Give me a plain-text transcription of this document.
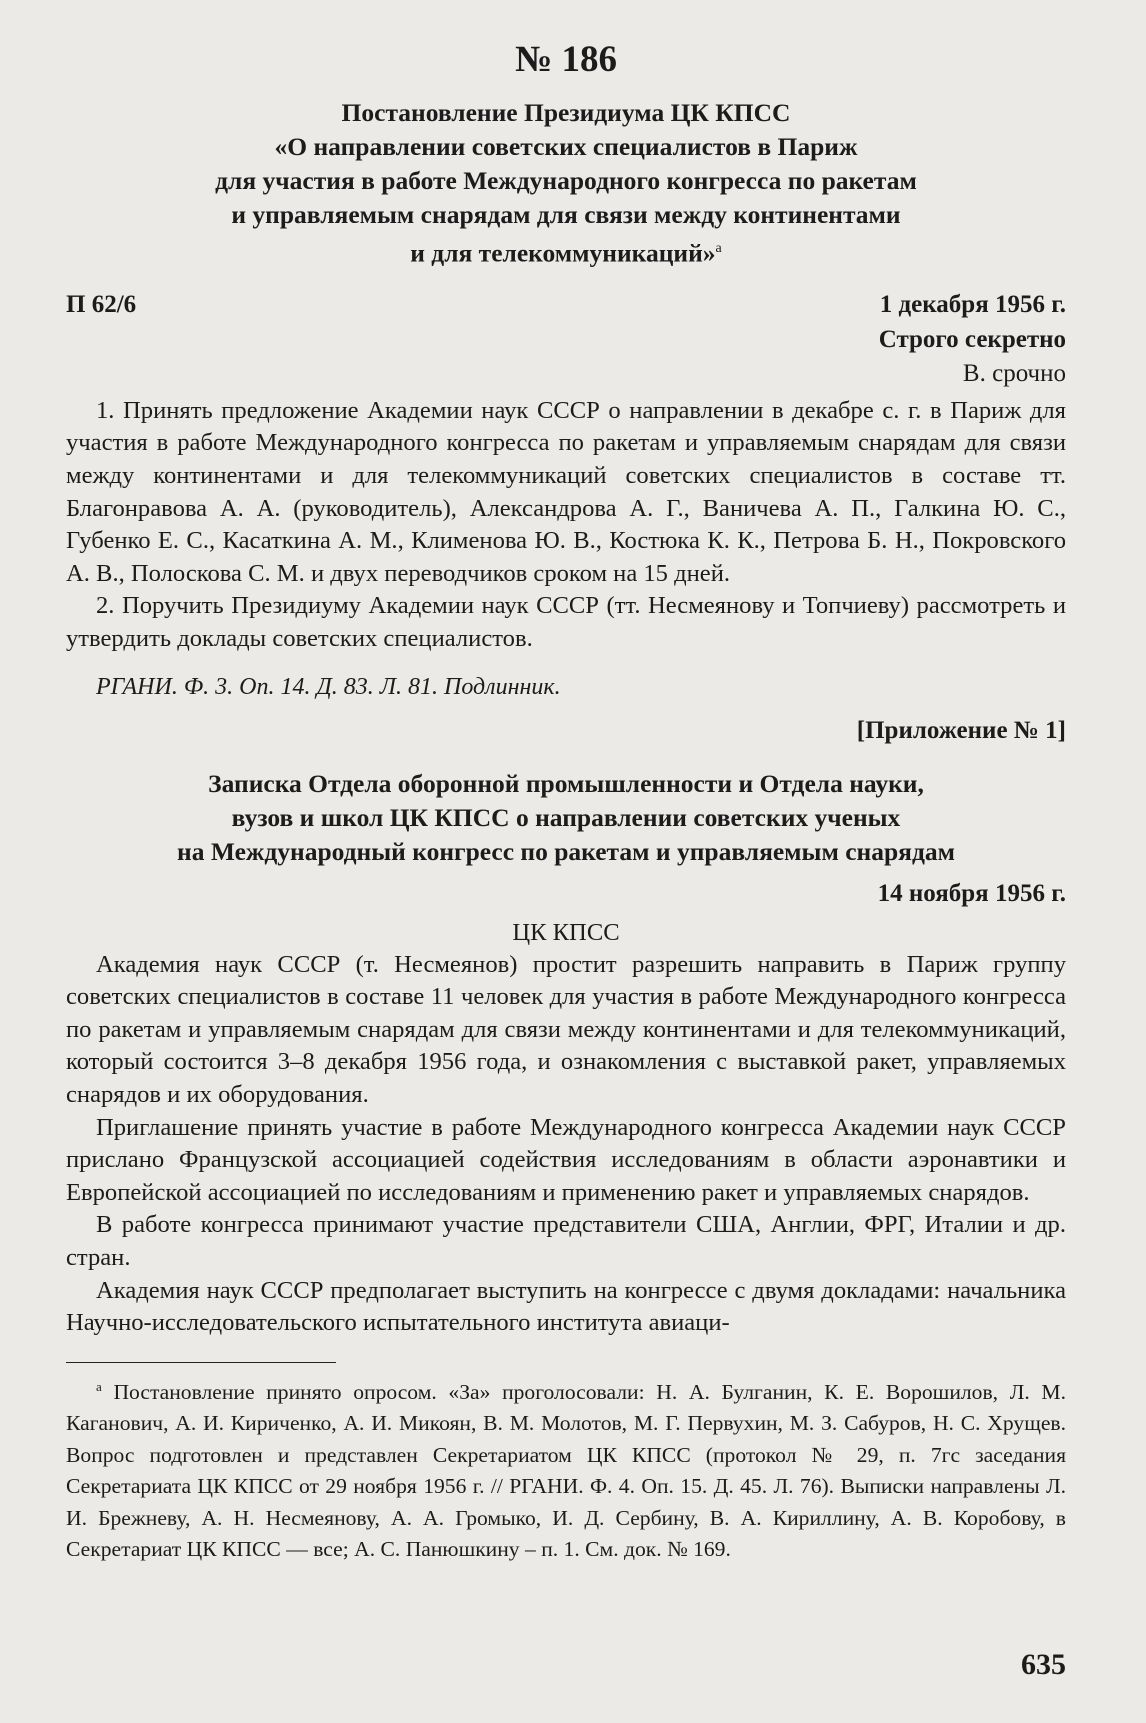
№ 186
Постановление Президиума ЦК КПСС
«О направлении советских специалистов в Париж
для участия в работе Международного конгресса по ракетам
и управляемым снарядам для связи между континентами
и для телекоммуникаций»$^а$
П 62/6	1 декабря 1956 г.
Строго секретно
В. срочно

1. Принять предложение Академии наук СССР о направлении в декабре с. г. в Париж для участия в работе Международного конгресса по ракетам и управляемым снарядам для связи между континентами и для телекоммуникаций советских специалистов в составе тт. Благонравова А. А. (руководитель), Александрова А. Г., Ваничева А. П., Галкина Ю. С., Губенко Е. С., Касаткина А. М., Клименова Ю. В., Костюка К. К., Петрова Б. Н., Покровского А. В., Полоскова С. М. и двух переводчиков сроком на 15 дней.

2. Поручить Президиуму Академии наук СССР (тт. Несмеянову и Топчиеву) рассмотреть и утвердить доклады советских специалистов.

РГАНИ. Ф. 3. Оп. 14. Д. 83. Л. 81. Подлинник.
[Приложение № 1]
Записка Отдела оборонной промышленности и Отдела науки,
вузов и школ ЦК КПСС о направлении советских ученых
на Международный конгресс по ракетам и управляемым снарядам
14 ноября 1956 г.
ЦК КПСС

Академия наук СССР (т. Несмеянов) простит разрешить направить в Париж группу советских специалистов в составе 11 человек для участия в работе Международного конгресса по ракетам и управляемым снарядам для связи между континентами и для телекоммуникаций, который состоится 3–8 декабря 1956 года, и ознакомления с выставкой ракет, управляемых снарядов и их оборудования.

Приглашение принять участие в работе Международного конгресса Академии наук СССР прислано Французской ассоциацией содействия исследованиям в области аэронавтики и Европейской ассоциацией по исследованиям и применению ракет и управляемых снарядов.

В работе конгресса принимают участие представители США, Англии, ФРГ, Италии и др. стран.

Академия наук СССР предполагает выступить на конгрессе с двумя докладами: начальника Научно-исследовательского испытательного института авиаци-

$^а$ Постановление принято опросом. «За» проголосовали: Н. А. Булганин, К. Е. Ворошилов, Л. М. Каганович, А. И. Кириченко, А. И. Микоян, В. М. Молотов, М. Г. Первухин, М. З. Сабуров, Н. С. Хрущев. Вопрос подготовлен и представлен Секретариатом ЦК КПСС (протокол № 29, п. 7гс заседания Секретариата ЦК КПСС от 29 ноября 1956 г. // РГАНИ. Ф. 4. Оп. 15. Д. 45. Л. 76). Выписки направлены Л. И. Брежневу, А. Н. Несмеянову, А. А. Громыко, И. Д. Сербину, В. А. Кириллину, А. В. Коробову, в Секретариат ЦК КПСС — все; А. С. Панюшкину – п. 1. См. док. № 169.

635
